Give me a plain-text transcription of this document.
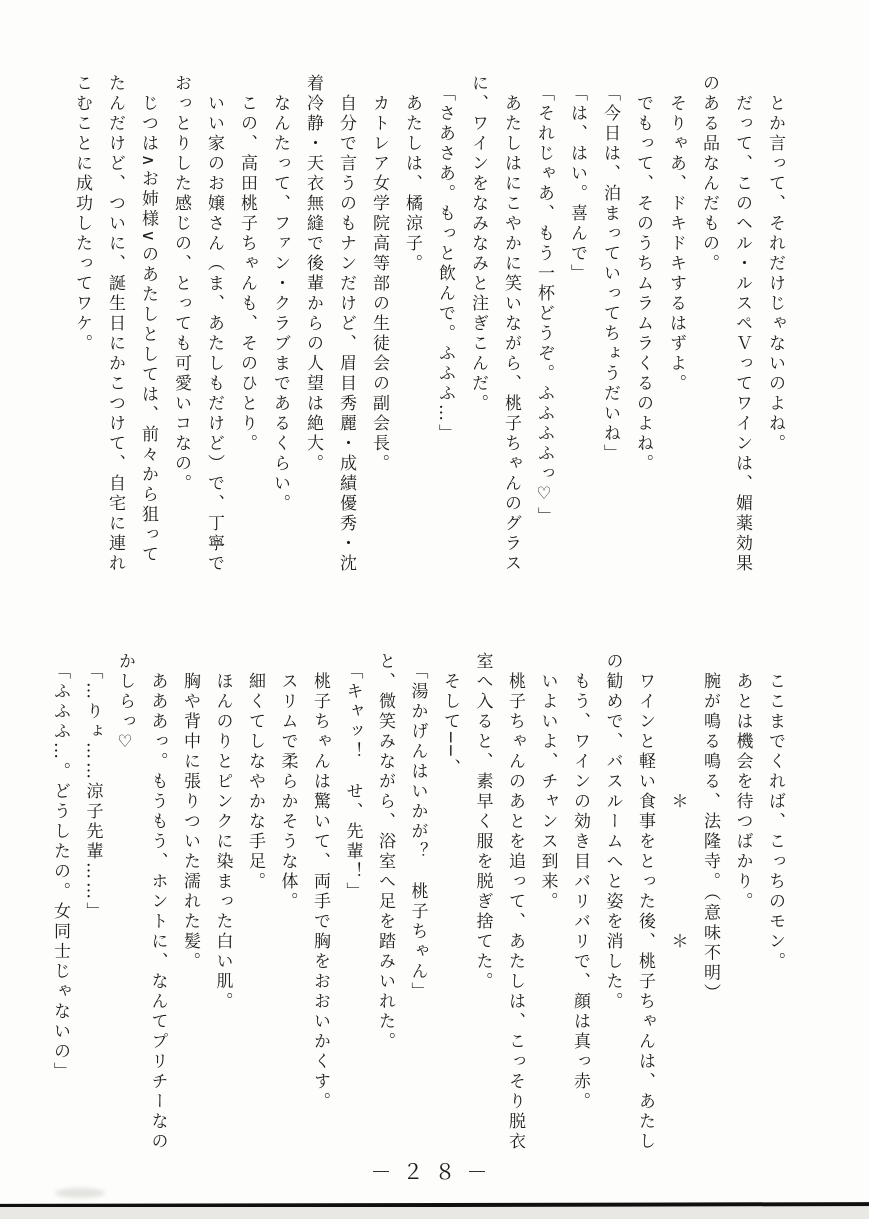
とか言って、それだけじゃないのよね。
だって、このヘル・ルスペＶってワインは、媚薬効果
のある品なんだもの。
そりゃあ、ドキドキするはずよ。
でもって、そのうちムラムラくるのよね。
「今日は、泊まっていってちょうだいね」
「は、はい。喜んで」
「それじゃあ、もう一杯どうぞ。ふふふふっ♡」
あたしはにこやかに笑いながら、桃子ちゃんのグラス
に、ワインをなみなみと注ぎこんだ。
「さあさあ。もっと飲んで。ふふふ…」
あたしは、橘涼子。
カトレア女学院高等部の生徒会の副会長。
自分で言うのもナンだけど、眉目秀麗・成績優秀・沈
着冷静・天衣無縫で後輩からの人望は絶大。
なんたって、ファン・クラブまであるくらい。
この、高田桃子ちゃんも、そのひとり。
いい家のお嬢さん（ま、あたしもだけど）で、丁寧で
おっとりした感じの、とっても可愛いコなの。
じつは∧お姉様∨のあたしとしては、前々から狙って
たんだけど、ついに、誕生日にかこつけて、自宅に連れ
こむことに成功したってワケ。
ここまでくれば、こっちのモン。
あとは機会を待つばかり。
腕が鳴る鳴る、法隆寺。（意味不明）
＊　　　　　　＊
ワインと軽い食事をとった後、桃子ちゃんは、あたし
の勧めで、バスルームへと姿を消した。
もう、ワインの効き目バリバリで、顔は真っ赤。
いよいよ、チャンス到来。
桃子ちゃんのあとを追って、あたしは、こっそり脱衣
室へ入ると、素早く服を脱ぎ捨てた。
そして──、
「湯かげんはいかが？　桃子ちゃん」
と、微笑みながら、浴室へ足を踏みいれた。
「キャッ！　せ、先輩！」
桃子ちゃんは驚いて、両手で胸をおおいかくす。
スリムで柔らかそうな体。
細くてしなやかな手足。
ほんのりとピンクに染まった白い肌。
胸や背中に張りついた濡れた髪。
あああっ。もうもう、ホントに、なんてプリチーなの
かしらっ♡
「…りょ……涼子先輩……」
「ふふふ…。どうしたの。女同士じゃないの」
－２８－
